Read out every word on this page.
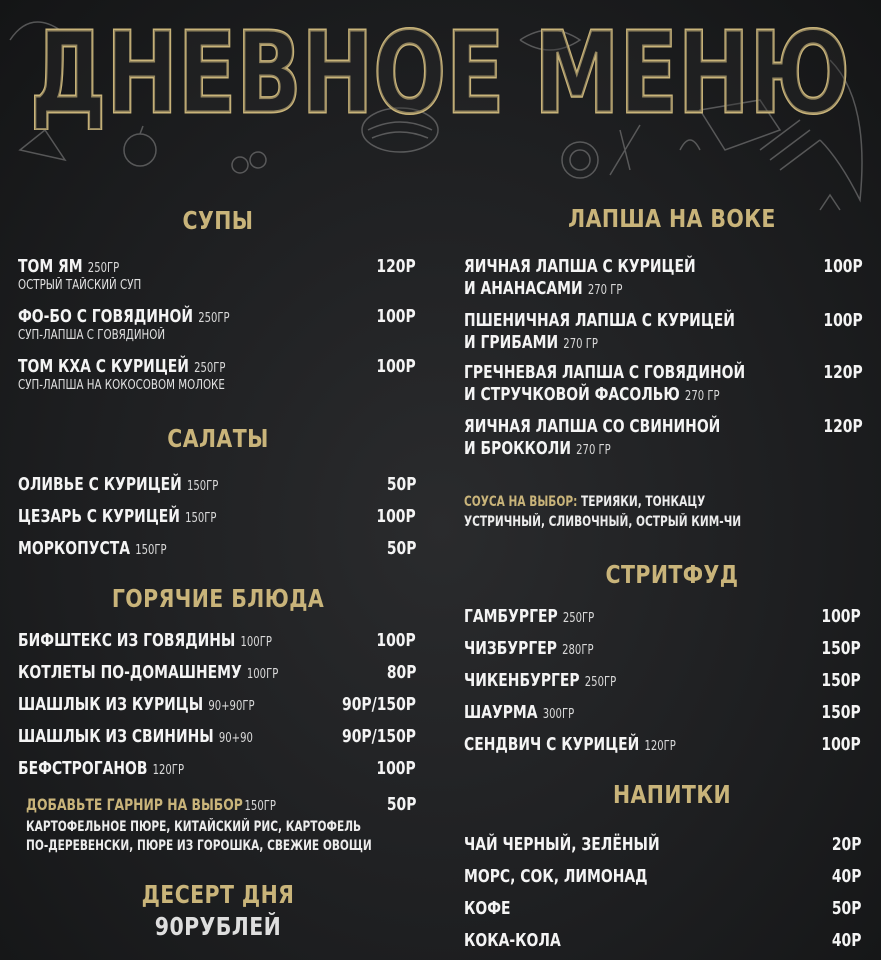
ДНЕВНОЕ МЕНЮ
ДНЕВНОЕ МЕНЮ
СУПЫ
ТОМ ЯМ 250ГР	120Р
ОСТРЫЙ ТАЙСКИЙ СУП
ФО-БО С ГОВЯДИНОЙ 250ГР	100Р
СУП-ЛАПША С ГОВЯДИНОЙ
ТОМ КХА С КУРИЦЕЙ 250ГР	100Р
СУП-ЛАПША НА КОКОСОВОМ МОЛОКЕ
САЛАТЫ
ОЛИВЬЕ С КУРИЦЕЙ 150ГР	50Р
ЦЕЗАРЬ С КУРИЦЕЙ 150ГР	100Р
МОРКОПУСТА 150ГР	50Р
ГОРЯЧИЕ БЛЮДА
БИФШТЕКС ИЗ ГОВЯДИНЫ 100ГР	100Р
КОТЛЕТЫ ПО-ДОМАШНЕМУ 100ГР	80Р
ШАШЛЫК ИЗ КУРИЦЫ 90+90ГР	90Р/150Р
ШАШЛЫК ИЗ СВИНИНЫ 90+90	90Р/150Р
БЕФСТРОГАНОВ 120ГР	100Р
ДОБАВЬТЕ ГАРНИР НА ВЫБОР 150ГР	50Р
КАРТОФЕЛЬНОЕ ПЮРЕ, КИТАЙСКИЙ РИС, КАРТОФЕЛЬ
ПО-ДЕРЕВЕНСКИ, ПЮРЕ ИЗ ГОРОШКА, СВЕЖИЕ ОВОЩИ
ДЕСЕРТ ДНЯ
90РУБЛЕЙ
ЛАПША НА ВОКЕ
ЯИЧНАЯ ЛАПША С КУРИЦЕЙ	100Р
И АНАНАСАМИ 270 ГР
ПШЕНИЧНАЯ ЛАПША С КУРИЦЕЙ	100Р
И ГРИБАМИ 270 ГР
ГРЕЧНЕВАЯ ЛАПША С ГОВЯДИНОЙ	120Р
И СТРУЧКОВОЙ ФАСОЛЬЮ 270 ГР
ЯИЧНАЯ ЛАПША СО СВИНИНОЙ	120Р
И БРОККОЛИ 270 ГР
СОУСА НА ВЫБОР: ТЕРИЯКИ, ТОНКАЦУ
УСТРИЧНЫЙ, СЛИВОЧНЫЙ, ОСТРЫЙ КИМ-ЧИ
СТРИТФУД
ГАМБУРГЕР 250ГР	100Р
ЧИЗБУРГЕР 280ГР	150Р
ЧИКЕНБУРГЕР 250ГР	150Р
ШАУРМА 300ГР	150Р
СЕНДВИЧ С КУРИЦЕЙ 120ГР	100Р
НАПИТКИ
ЧАЙ ЧЕРНЫЙ, ЗЕЛЁНЫЙ	20Р
МОРС, СОК, ЛИМОНАД	40Р
КОФЕ	50Р
КОКА-КОЛА	40Р
